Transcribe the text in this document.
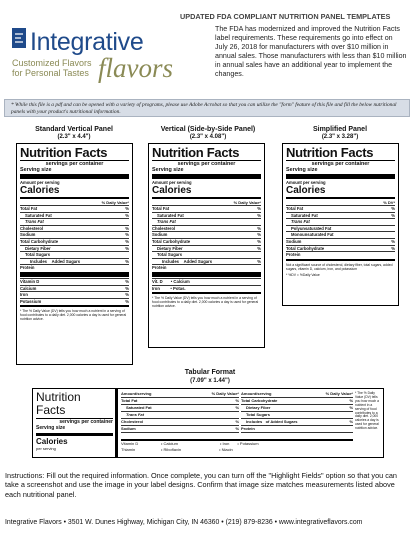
Integrative
Customized Flavors
for Personal Tastes flavors
UPDATED FDA COMPLIANT NUTRITION PANEL TEMPLATES
The FDA has modernized and improved the Nutrition Facts label requirements. These requirements go into effect on July 26, 2018 for manufacturers with over $10 million in annual sales. Those manufacturers with less than $10 million in annual sales have an additional year to implement the changes.
* While this file is a pdf and can be opened with a variety of programs, please use Adobe Acrobat so that you can utilize the "form" feature of this file and fill the below nutritional panels with your product's nutritional information.
Standard Vertical Panel
(2.3" x 4.4")
Nutrition Facts
servings per container
Serving size
Amount per serving
Calories
% Daily Value*
Total Fat	%
Saturated Fat	%
Trans Fat
Cholesterol	%
Sodium	%
Total Carbohydrate	%
Dietary Fiber	%
Total Sugars
Includes Added Sugars	%
Protein
Vitamin D	%
Calcium	%
Iron	%
Potassium	%
* The % Daily Value (DV) tells you how much a nutrient in a serving of food contributes to a daily diet. 2,000 calories a day is used for general nutrition advice.
Vertical (Side-by-Side Panel)
(2.3" x 4.08")
Nutrition Facts
servings per container
Serving size
Amount per serving
Calories
% Daily Value*
Total Fat	%
Saturated Fat	%
Trans Fat
Cholesterol	%
Sodium	%
Total Carbohydrate	%
Dietary Fiber	%
Total Sugars
Includes Added Sugars	%
Protein
Vit. D       • Calcium
Iron         • Potas.
* The % Daily Value (DV) tells you how much a nutrient in a serving of food contributes to a daily diet. 2,000 calories a day is used for general nutrition advice.
Simplified Panel
(2.3" x 3.28")
Nutrition Facts
servings per container
Serving size
Amount per serving
Calories
% DV*
Total Fat	%
Saturated Fat	%
Trans Fat
Polyunsaturated Fat
Monounsaturated Fat
Sodium	%
Total Carbohydrate	%
Protein
Not a significant source of cholesterol, dietary fiber, total sugars, added sugars, vitamin D, calcium, iron, and potassium
* %DV = %Daily Value
Tabular Format
(7.09" x 1.44")
Nutrition
Facts
servings per container
Serving size
Calories
per serving
Amount/serving	% Daily Value*
Total Fat	%
Saturated Fat	%
Trans Fat
Cholesterol	%
Sodium	%
Amount/serving	% Daily Value*
Total Carbohydrate	%
Dietary Fiber	%
Total Sugars
Includes of Added Sugars	%
Protein
Vitamin D	• Calcium	• Iron • Potassium
Thiamin	• Riboflavin	• Niacin
* The % Daily Value (DV) tells you how much a nutrient in a serving of food contributes to a daily diet. 2,000 calories a day is used for general nutrition advice.
Instructions: Fill out the required information. Once complete, you can turn off the "Highlight Fields" option so that you can take a screenshot and use the image in your label designs. Confirm that image size matches measurements listed above each nutritional panel.
Integrative Flavors • 3501 W. Dunes Highway, Michigan City, IN 46360 • (219) 879-8236 • www.integrativeflavors.com
